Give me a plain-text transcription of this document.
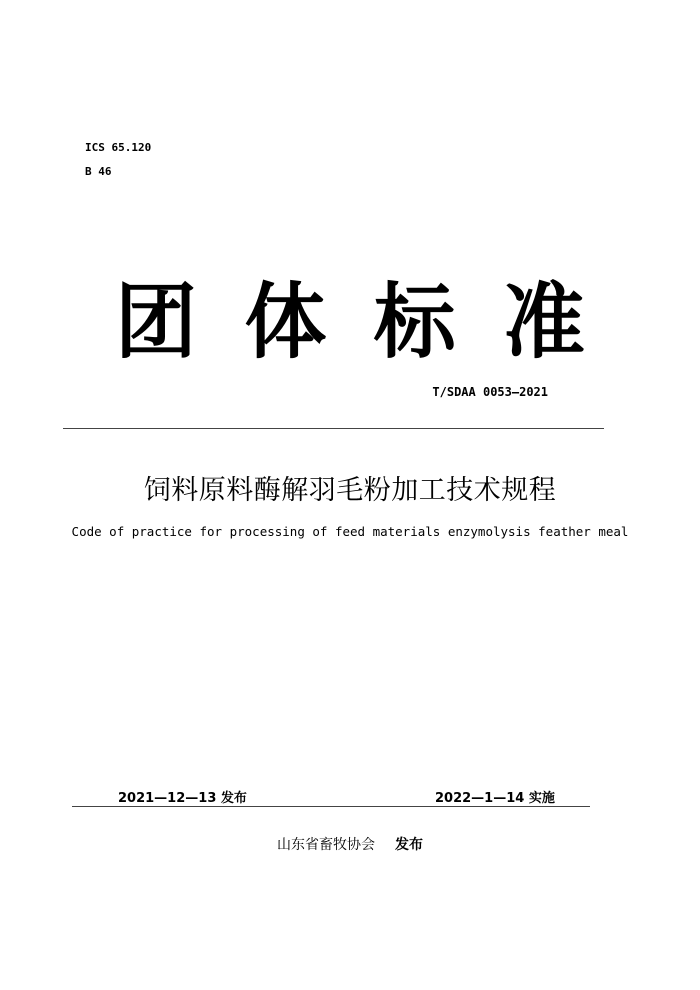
ICS 65.120
B 46
团 体 标 准
T/SDAA 0053—2021
饲料原料酶解羽毛粉加工技术规程
Code of practice for processing of feed materials enzymolysis feather meal
2021—12—13 发布	2022—1—14 实施
山东省畜牧协会 发布
